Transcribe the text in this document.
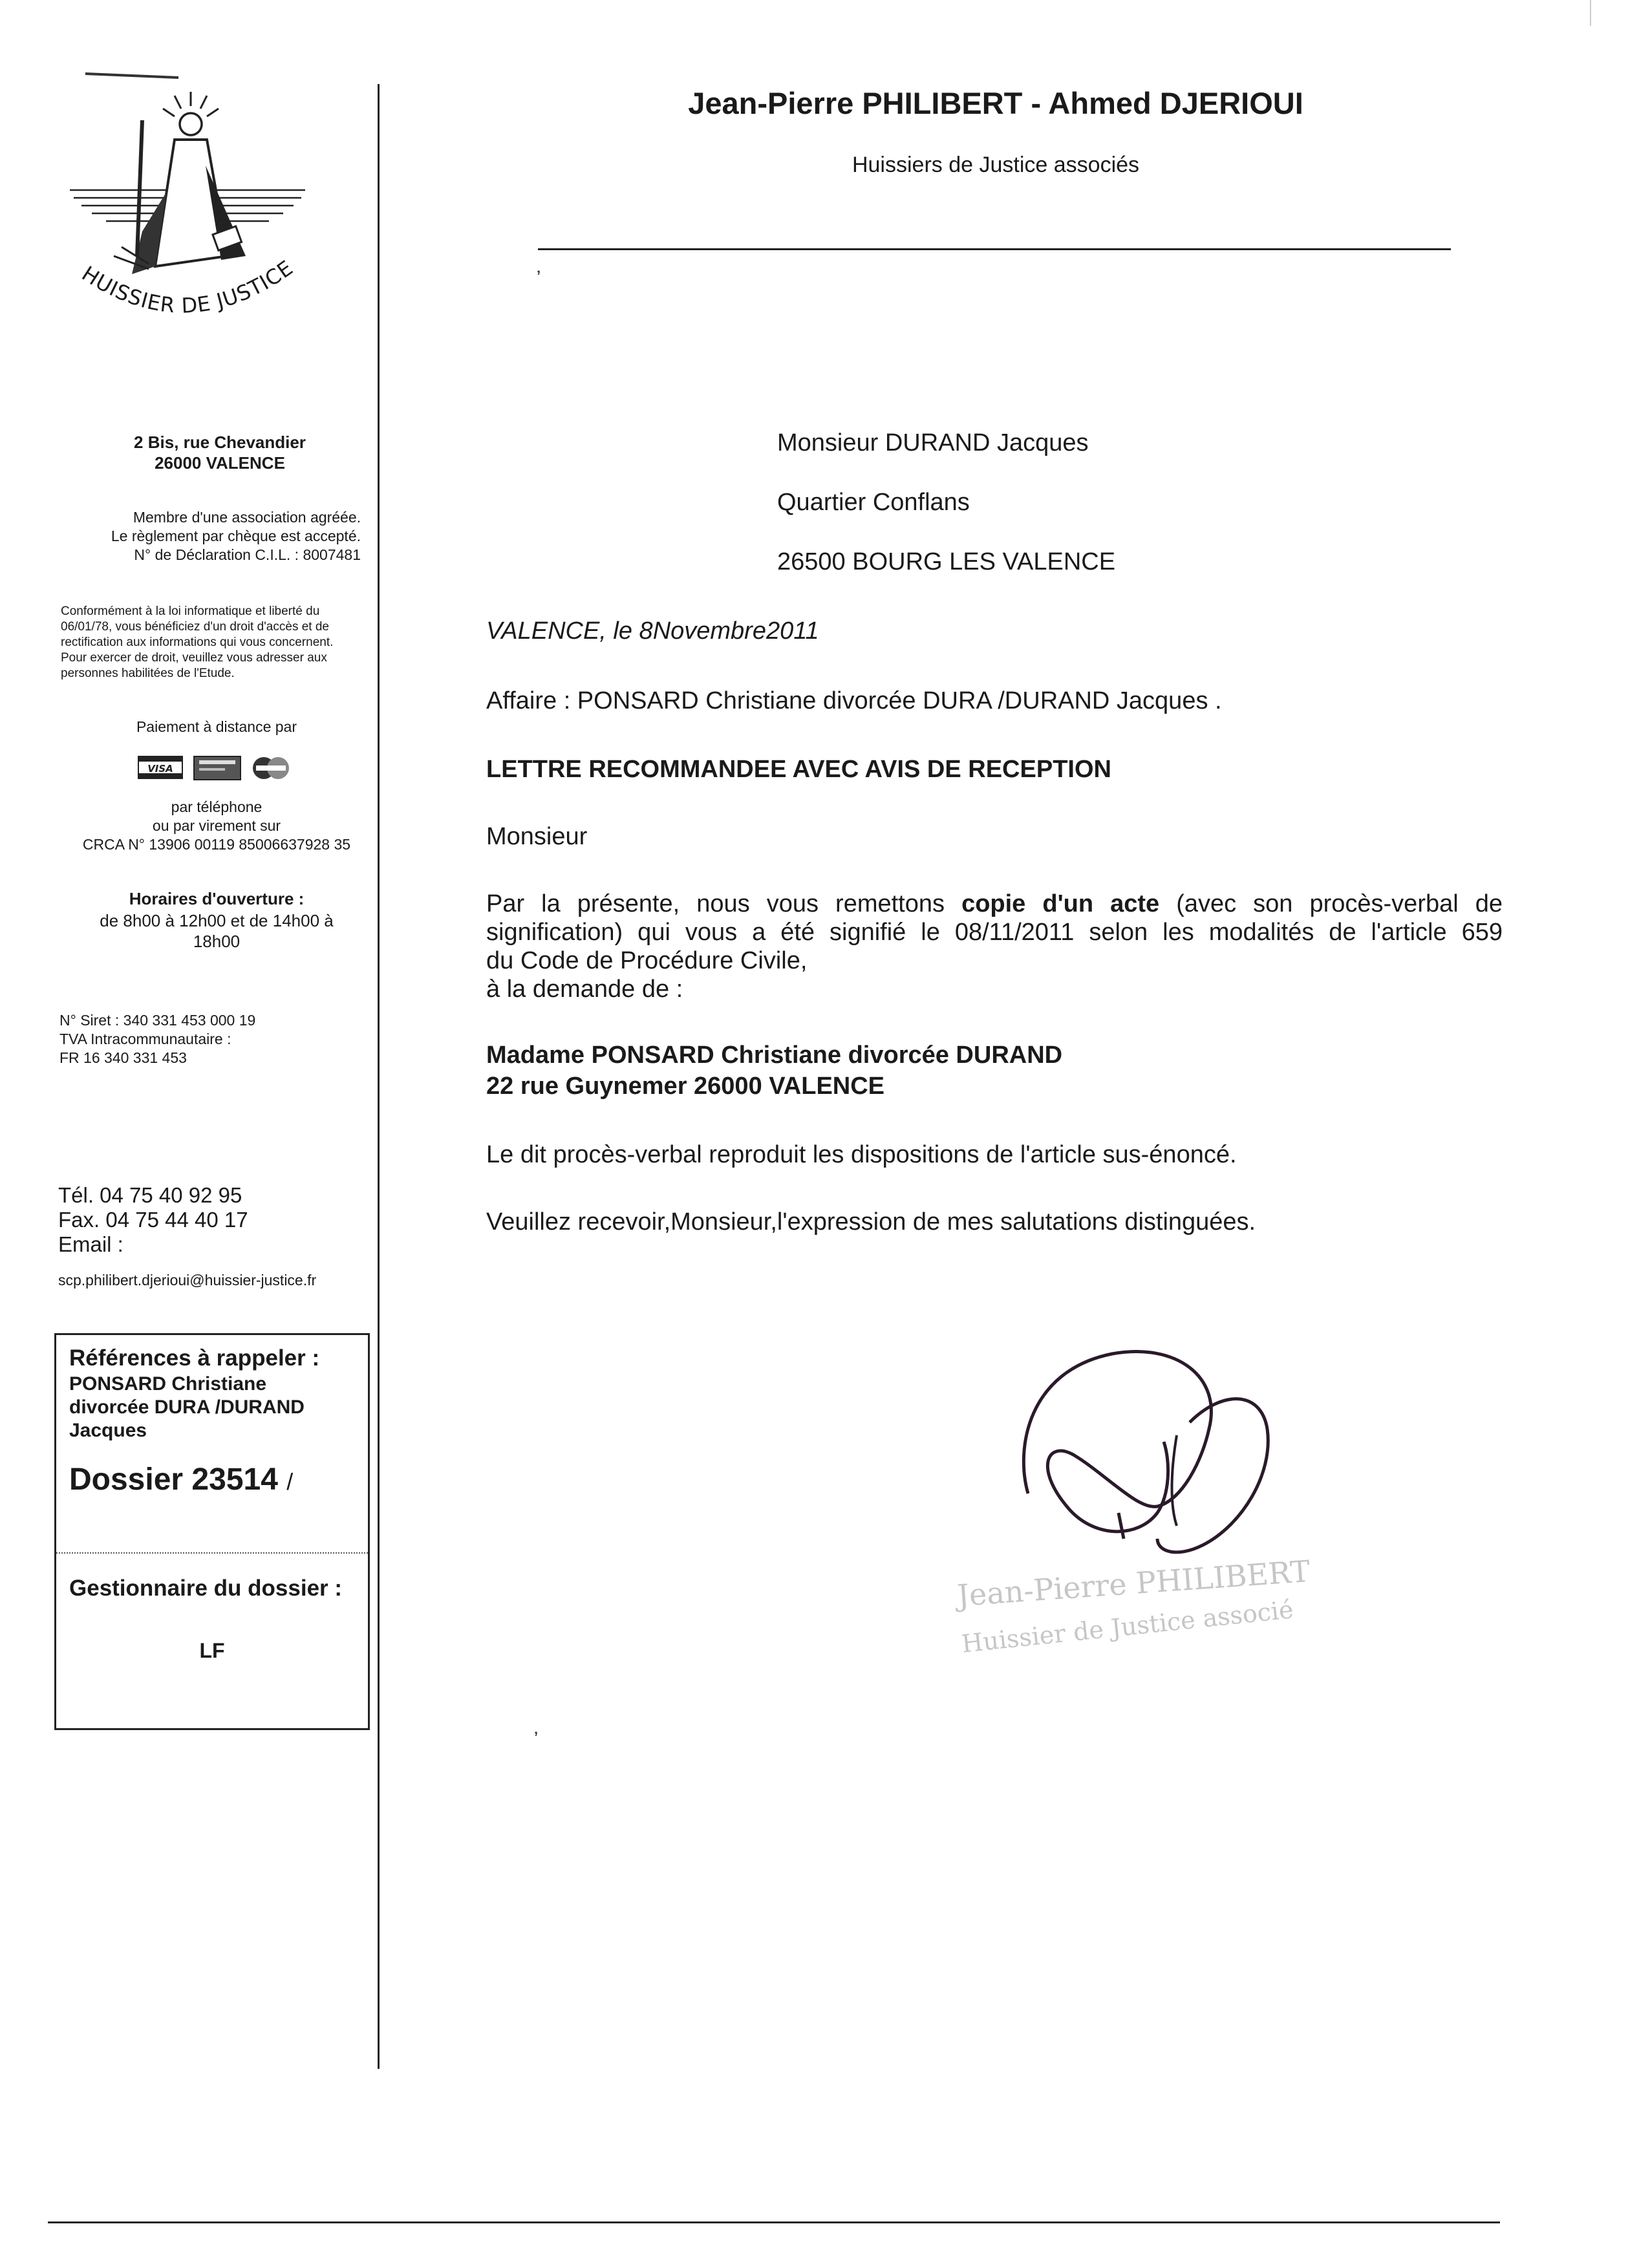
Jean-Pierre PHILIBERT - Ahmed DJERIOUI
Huissiers de Justice associés
ʼ
ʼ
HUISSIER DE JUSTICE
2 Bis, rue Chevandier
26000 VALENCE
Membre d'une association agréée.
Le règlement par chèque est accepté.
N° de Déclaration C.I.L. : 8007481
Conformément à la loi informatique et liberté du
06/01/78, vous bénéficiez d'un droit d'accès et de
rectification aux informations qui vous concernent.
Pour exercer de droit, veuillez vous adresser aux
personnes habilitées de l'Etude.
Paiement à distance par
VISA
par téléphone
ou par virement sur
CRCA N° 13906 00119 85006637928 35
Horaires d'ouverture :
de 8h00 à 12h00 et de 14h00 à
18h00
N° Siret : 340 331 453 000 19
TVA Intracommunautaire :
FR 16 340 331 453
Tél. 04 75 40 92 95
Fax. 04 75 44 40 17
Email :
scp.philibert.djerioui@huissier-justice.fr
Références à rappeler :
PONSARD Christiane
divorcée DURA /DURAND
Jacques
Dossier 23514 /
Gestionnaire du dossier :
LF
Monsieur DURAND Jacques
Quartier Conflans
26500 BOURG LES VALENCE
VALENCE, le 8Novembre2011
Affaire : PONSARD Christiane divorcée DURA /DURAND Jacques .
LETTRE RECOMMANDEE AVEC AVIS DE RECEPTION
Monsieur
Par la présente, nous vous remettons copie d'un acte (avec son procès-verbal de
signification) qui vous a été signifié le 08/11/2011 selon les modalités de l'article 659
du Code de Procédure Civile,
à la demande de :
Madame PONSARD Christiane divorcée DURAND
22 rue Guynemer 26000 VALENCE
Le dit procès-verbal reproduit les dispositions de l'article sus-énoncé.
Veuillez recevoir,Monsieur,l'expression de mes salutations distinguées.
Jean-Pierre PHILIBERT
Huissier de Justice associé
